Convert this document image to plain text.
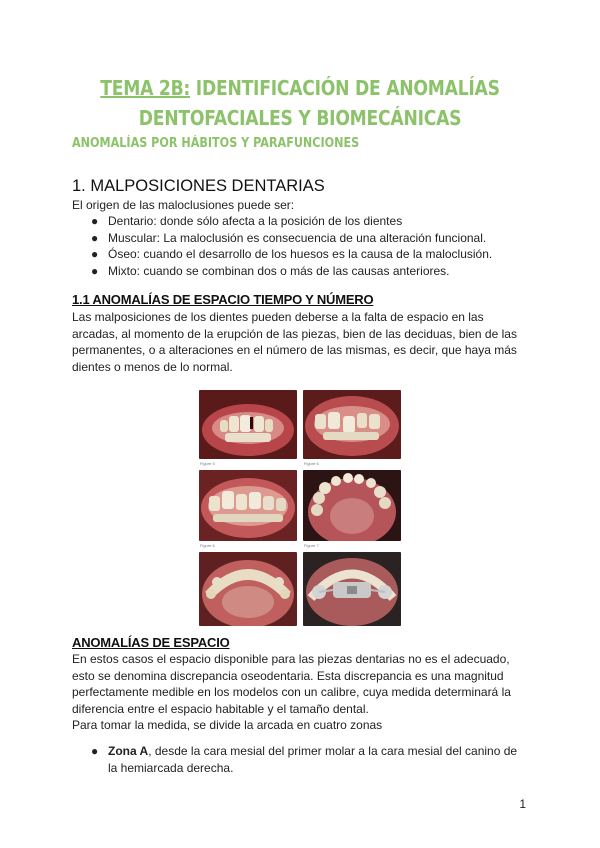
TEMA 2B: IDENTIFICACIÓN DE ANOMALÍAS
DENTOFACIALES Y BIOMECÁNICAS
ANOMALÍAS POR HÁBITOS Y PARAFUNCIONES
1. MALPOSICIONES DENTARIAS
El origen de las maloclusiones puede ser:
● Dentario: donde sólo afecta a la posición de los dientes
● Muscular: La maloclusión es consecuencia de una alteración funcional.
● Óseo: cuando el desarrollo de los huesos es la causa de la maloclusión.
● Mixto: cuando se combinan dos o más de las causas anteriores.
1.1 ANOMALÍAS DE ESPACIO TIEMPO Y NÚMERO
Las malposiciones de los dientes pueden deberse a la falta de espacio en las
arcadas, al momento de la erupción de las piezas, bien de las deciduas, bien de las
permanentes, o a alteraciones en el número de las mismas, es decir, que haya más
dientes o menos de lo normal.
Figure 5	Figure 6
Figure 6	Figure 7
ANOMALÍAS DE ESPACIO
En estos casos el espacio disponible para las piezas dentarias no es el adecuado,
esto se denomina discrepancia oseodentaria. Esta discrepancia es una magnitud
perfectamente medible en los modelos con un calibre, cuya medida determinará la
diferencia entre el espacio habitable y el tamaño dental.
Para tomar la medida, se divide la arcada en cuatro zonas
● Zona A, desde la cara mesial del primer molar a la cara mesial del canino de
la hemiarcada derecha.
1
